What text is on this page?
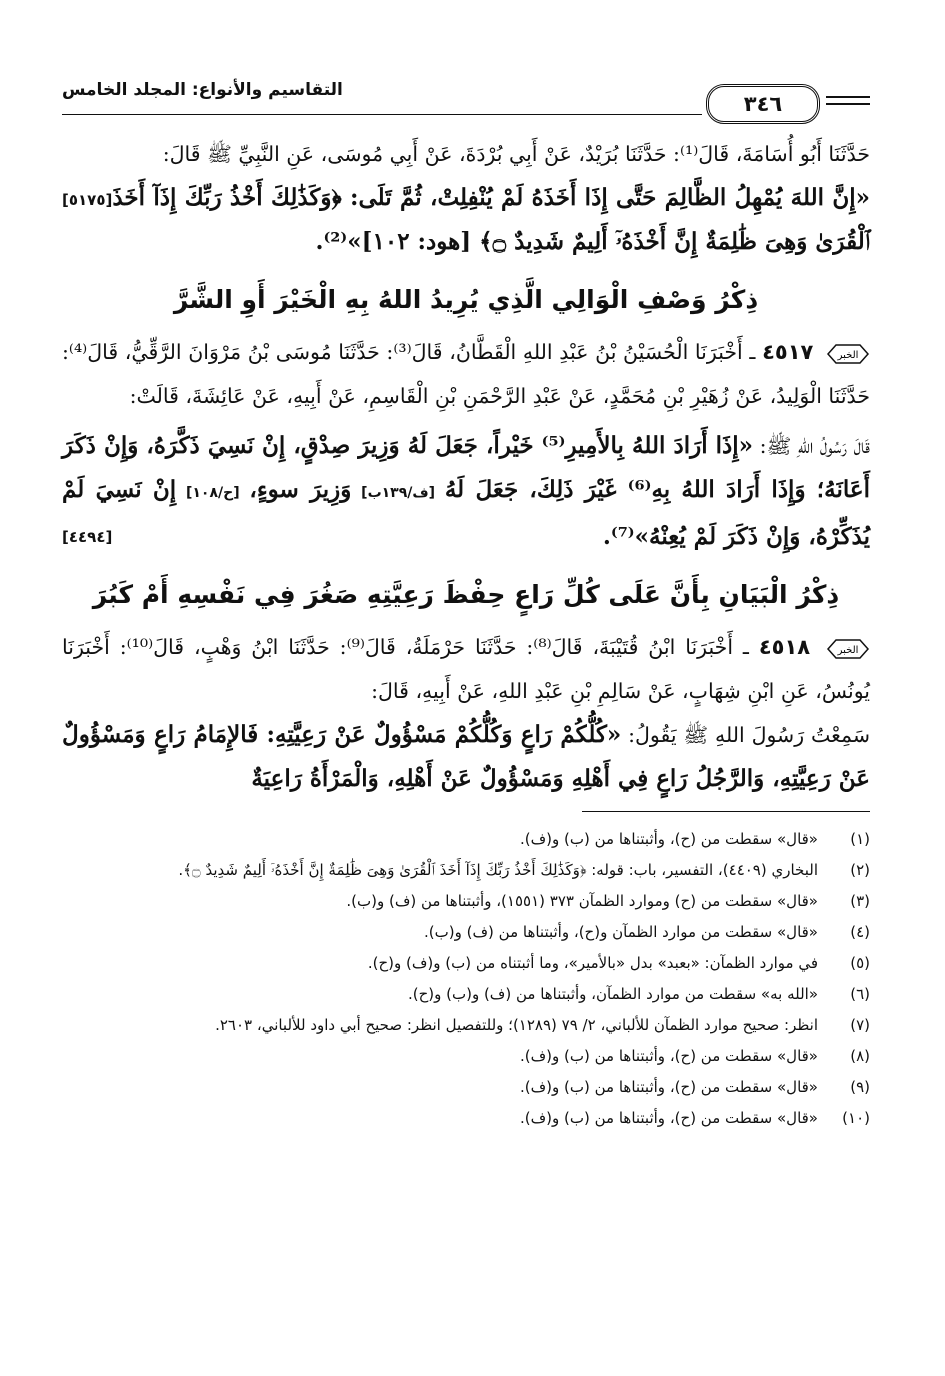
٣٤٦
التقاسيم والأنواع: المجلد الخامس

حَدَّثَنَا أَبُو أُسَامَةَ، قَالَ⁽¹⁾: حَدَّثَنَا بُرَيْدٌ، عَنْ أَبِي بُرْدَةَ، عَنْ أَبِي مُوسَى، عَنِ النَّبِيِّ ﷺ قَالَ:

«إِنَّ اللهَ يُمْهِلُ الظَّالِمَ حَتَّى إِذَا أَخَذَهُ لَمْ يُنْفِلِتْ، ثُمَّ تَلَى: ﴿وَكَذَٰلِكَ أَخْذُ رَبِّكَ إِذَآ أَخَذَ ٱلْقُرَىٰ وَهِىَ ظَٰلِمَةٌ إِنَّ أَخْذَهُۥٓ أَلِيمٌ شَدِيدٌ ۝﴾ [هود: ١٠٢]»⁽²⁾.
[٥١٧٥]

ذِكْرُ وَصْفِ الْوَالِي الَّذِي يُرِيدُ اللهُ بِهِ الْخَيْرَ أَوِ الشَّرَّ

الخبر
٤٥١٧ ـ أَخْبَرَنَا الْحُسَيْنُ بْنُ عَبْدِ اللهِ الْقَطَّانُ، قَالَ⁽³⁾: حَدَّثَنَا مُوسَى بْنُ مَرْوَانَ الرَّقِّيُّ، قَالَ⁽⁴⁾: حَدَّثَنَا الْوَلِيدُ، عَنْ زُهَيْرِ بْنِ مُحَمَّدٍ، عَنْ عَبْدِ الرَّحْمَنِ بْنِ الْقَاسِمِ، عَنْ أَبِيهِ، عَنْ عَائِشَةَ، قَالَتْ:

قَالَ رَسُولُ اللهِ ﷺ: «إِذَا أَرَادَ اللهُ بِالأَمِيرِ⁽⁵⁾ خَيْراً، جَعَلَ لَهُ وَزِيرَ صِدْقٍ، إِنْ نَسِيَ ذَكَّرَهُ، وَإِنْ ذَكَرَ أَعَانَهُ؛ وَإِذَا أَرَادَ اللهُ بِهِ⁽⁶⁾ غَيْرَ ذَلِكَ، جَعَلَ لَهُ [ف/١٣٩ب] وَزِيرَ سوءٍ، [ح/١٠٨] إِنْ نَسِيَ لَمْ يُذَكِّرْهُ، وَإِنْ ذَكَرَ لَمْ يُعِنْهُ»⁽⁷⁾.
[٤٤٩٤]

ذِكْرُ الْبَيَانِ بِأَنَّ عَلَى كُلِّ رَاعٍ حِفْظَ رَعِيَّتِهِ صَغُرَ فِي نَفْسِهِ أَمْ كَبُرَ

الخبر
٤٥١٨ ـ أَخْبَرَنَا ابْنُ قُتَيْبَةَ، قَالَ⁽⁸⁾: حَدَّثَنَا حَرْمَلَةُ، قَالَ⁽⁹⁾: حَدَّثَنَا ابْنُ وَهْبٍ، قَالَ⁽¹⁰⁾: أَخْبَرَنَا يُونُسُ، عَنِ ابْنِ شِهَابٍ، عَنْ سَالِمِ بْنِ عَبْدِ اللهِ، عَنْ أَبِيهِ، قَالَ:

سَمِعْتُ رَسُولَ اللهِ ﷺ يَقُولُ: «كُلُّكُمْ رَاعٍ وَكُلُّكُمْ مَسْؤُولٌ عَنْ رَعِيَّتِهِ: فَالإِمَامُ رَاعٍ وَمَسْؤُولٌ عَنْ رَعِيَّتِهِ، وَالرَّجُلُ رَاعٍ فِي أَهْلِهِ وَمَسْؤُولٌ عَنْ أَهْلِهِ، وَالْمَرْأَةُ رَاعِيَةٌ

(١)
«قال» سقطت من (ح)، وأثبتناها من (ب) و(ف).
(٢)
البخاري (٤٤٠٩)، التفسير، باب: قوله: ﴿وَكَذَٰلِكَ أَخْذُ رَبِّكَ إِذَآ أَخَذَ ٱلْقُرَىٰ وَهِىَ ظَٰلِمَةٌ إِنَّ أَخْذَهُۥٓ أَلِيمٌ شَدِيدٌ ۝﴾.
(٣)
«قال» سقطت من (ح) وموارد الظمآن ٣٧٣ (١٥٥١)، وأثبتناها من (ف) و(ب).
(٤)
«قال» سقطت من موارد الظمآن و(ح)، وأثبتناها من (ف) و(ب).
(٥)
في موارد الظمآن: «بعبد» بدل «بالأمير»، وما أثبتناه من (ب) و(ف) و(ح).
(٦)
«الله به» سقطت من موارد الظمآن، وأثبتناها من (ف) و(ب) و(ح).
(٧)
انظر: صحيح موارد الظمآن للألباني، ٢/ ٧٩ (١٢٨٩)؛ وللتفصيل انظر: صحيح أبي داود للألباني، ٢٦٠٣.
(٨)
«قال» سقطت من (ح)، وأثبتناها من (ب) و(ف).
(٩)
«قال» سقطت من (ح)، وأثبتناها من (ب) و(ف).
(١٠)
«قال» سقطت من (ح)، وأثبتناها من (ب) و(ف).
